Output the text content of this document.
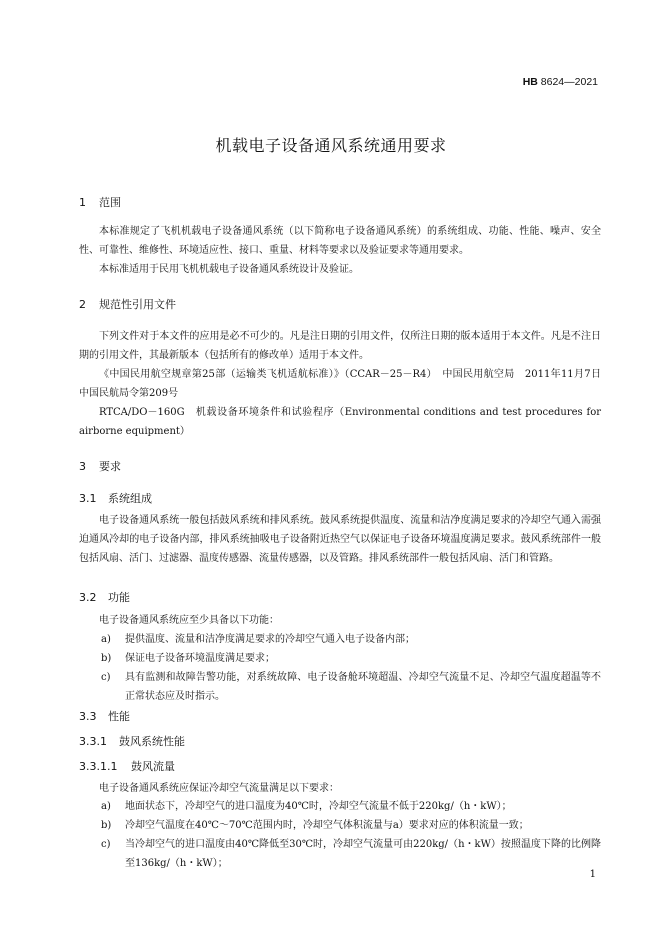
HB 8624—2021
机载电子设备通风系统通用要求
1 范围
本标准规定了飞机机载电子设备通风系统（以下简称电子设备通风系统）的系统组成、功能、性能、噪声、安全性、可靠性、维修性、环境适应性、接口、重量、材料等要求以及验证要求等通用要求。
本标准适用于民用飞机机载电子设备通风系统设计及验证。
2 规范性引用文件
下列文件对于本文件的应用是必不可少的。凡是注日期的引用文件，仅所注日期的版本适用于本文件。凡是不注日期的引用文件，其最新版本（包括所有的修改单）适用于本文件。
《中国民用航空规章第25部（运输类飞机适航标准）》（CCAR－25－R4）　中国民用航空局　2011年11月7日　中国民航局令第209号
RTCA/DO－160G　机载设备环境条件和试验程序（Environmental conditions and test procedures for airborne equipment）
3 要求
3.1 系统组成
电子设备通风系统一般包括鼓风系统和排风系统。鼓风系统提供温度、流量和洁净度满足要求的冷却空气通入需强迫通风冷却的电子设备内部，排风系统抽吸电子设备附近热空气以保证电子设备环境温度满足要求。鼓风系统部件一般包括风扇、活门、过滤器、温度传感器、流量传感器，以及管路。排风系统部件一般包括风扇、活门和管路。
3.2 功能
电子设备通风系统应至少具备以下功能：
a) 提供温度、流量和洁净度满足要求的冷却空气通入电子设备内部；
b) 保证电子设备环境温度满足要求；
c) 具有监测和故障告警功能，对系统故障、电子设备舱环境超温、冷却空气流量不足、冷却空气温度超温等不正常状态应及时指示。
3.3 性能
3.3.1 鼓风系统性能
3.3.1.1 鼓风流量
电子设备通风系统应保证冷却空气流量满足以下要求：
a) 地面状态下，冷却空气的进口温度为40℃时，冷却空气流量不低于220kg/（h・kW）；
b) 冷却空气温度在40℃～70℃范围内时，冷却空气体积流量与a）要求对应的体积流量一致；
c) 当冷却空气的进口温度由40℃降低至30℃时，冷却空气流量可由220kg/（h・kW）按照温度下降的比例降至136kg/（h・kW）；
1
